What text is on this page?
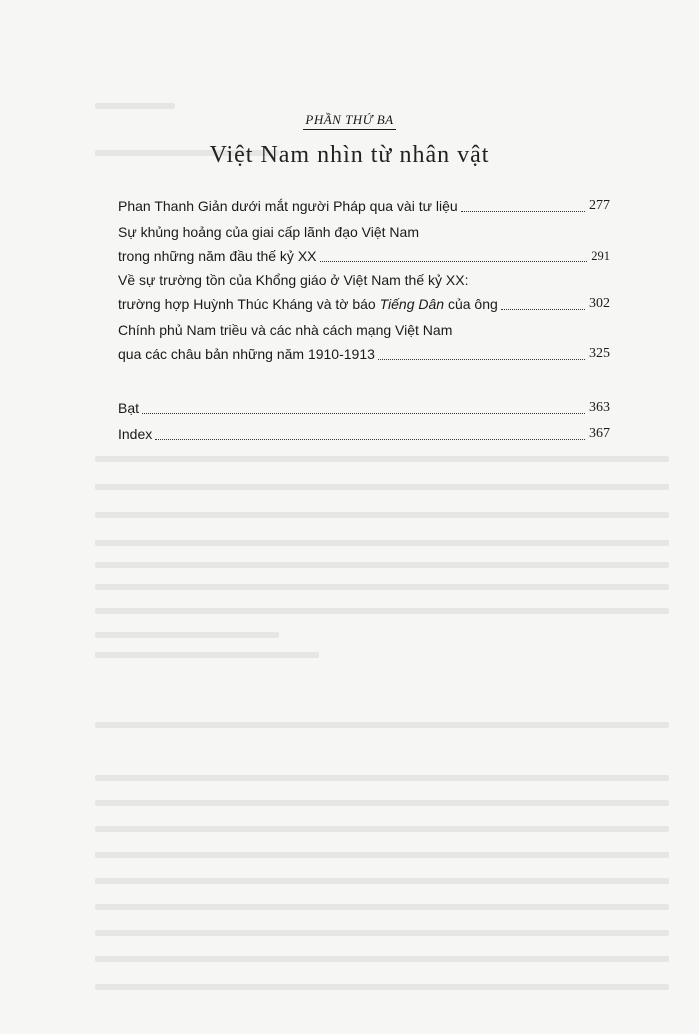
PHẦN THỨ BA
Việt Nam nhìn từ nhân vật
Phan Thanh Giản dưới mắt người Pháp qua vài tư liệu	277
Sự khủng hoảng của giai cấp lãnh đạo Việt Nam
trong những năm đầu thế kỷ XX	291
Về sự trường tồn của Khổng giáo ở Việt Nam thế kỷ XX:
trường hợp Huỳnh Thúc Kháng và tờ báo Tiếng Dân của ông	302
Chính phủ Nam triều và các nhà cách mạng Việt Nam
qua các châu bản những năm 1910-1913	325
Bạt	363
Index	367
